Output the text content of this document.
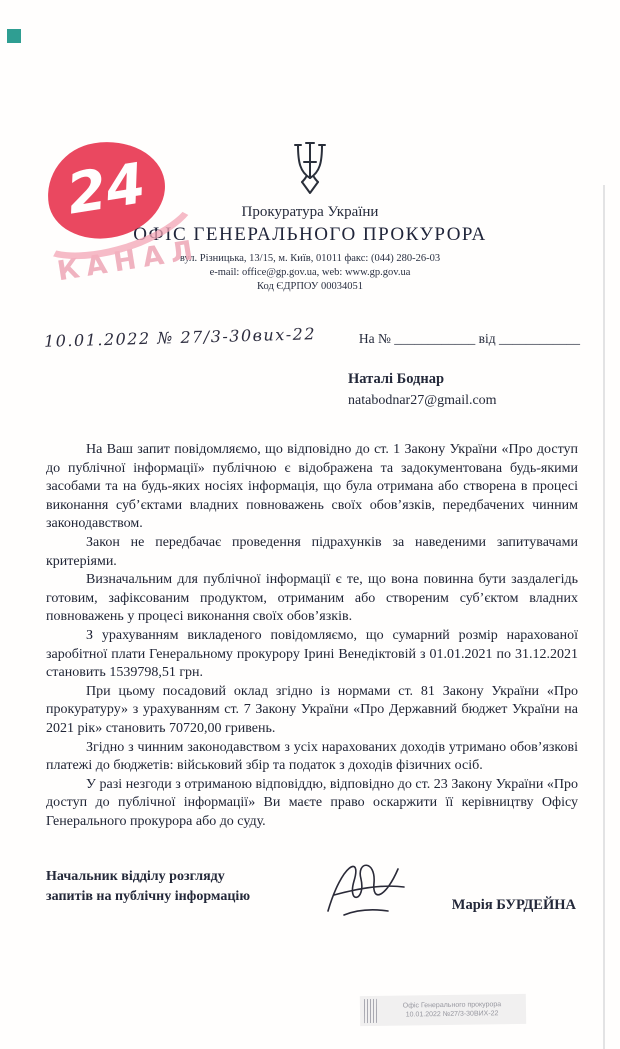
24
КАНАЛ
Прокуратура України
ОФІС ГЕНЕРАЛЬНОГО ПРОКУРОРА
вул. Різницька, 13/15, м. Київ, 01011 факс: (044) 280-26-03
e-mail: office@gp.gov.ua, web: www.gp.gov.ua
Код ЄДРПОУ 00034051
10.01.2022 № 27/3-30вих-22	На № ____________ від ____________
Наталі Боднар
natabodnar27@gmail.com

На Ваш запит повідомляємо, що відповідно до ст. 1 Закону України «Про доступ до публічної інформації» публічною є відображена та задокументована будь-якими засобами та на будь-яких носіях інформація, що була отримана або створена в процесі виконання суб’єктами владних повноважень своїх обов’язків, передбачених чинним законодавством.

Закон не передбачає проведення підрахунків за наведеними запитувачами критеріями.

Визначальним для публічної інформації є те, що вона повинна бути заздалегідь готовим, зафіксованим продуктом, отриманим або створеним суб’єктом владних повноважень у процесі виконання своїх обов’язків.

З урахуванням викладеного повідомляємо, що сумарний розмір нарахованої заробітної плати Генеральному прокурору Ірині Венедіктовій з 01.01.2021 по 31.12.2021 становить 1539798,51 грн.

При цьому посадовий оклад згідно із нормами ст. 81 Закону України «Про прокуратуру» з урахуванням ст. 7 Закону України «Про Державний бюджет України на 2021 рік» становить 70720,00 гривень.

Згідно з чинним законодавством з усіх нарахованих доходів утримано обов’язкові платежі до бюджетів: військовий збір та податок з доходів фізичних осіб.

У разі незгоди з отриманою відповіддю, відповідно до ст. 23 Закону України «Про доступ до публічної інформації» Ви маєте право оскаржити її керівництву Офісу Генерального прокурора або до суду.

Начальник відділу розгляду
запитів на публічну інформацію
Марія БУРДЕЙНА
Офіс Генерального прокурора
10.01.2022 №27/3-30ВИХ-22
